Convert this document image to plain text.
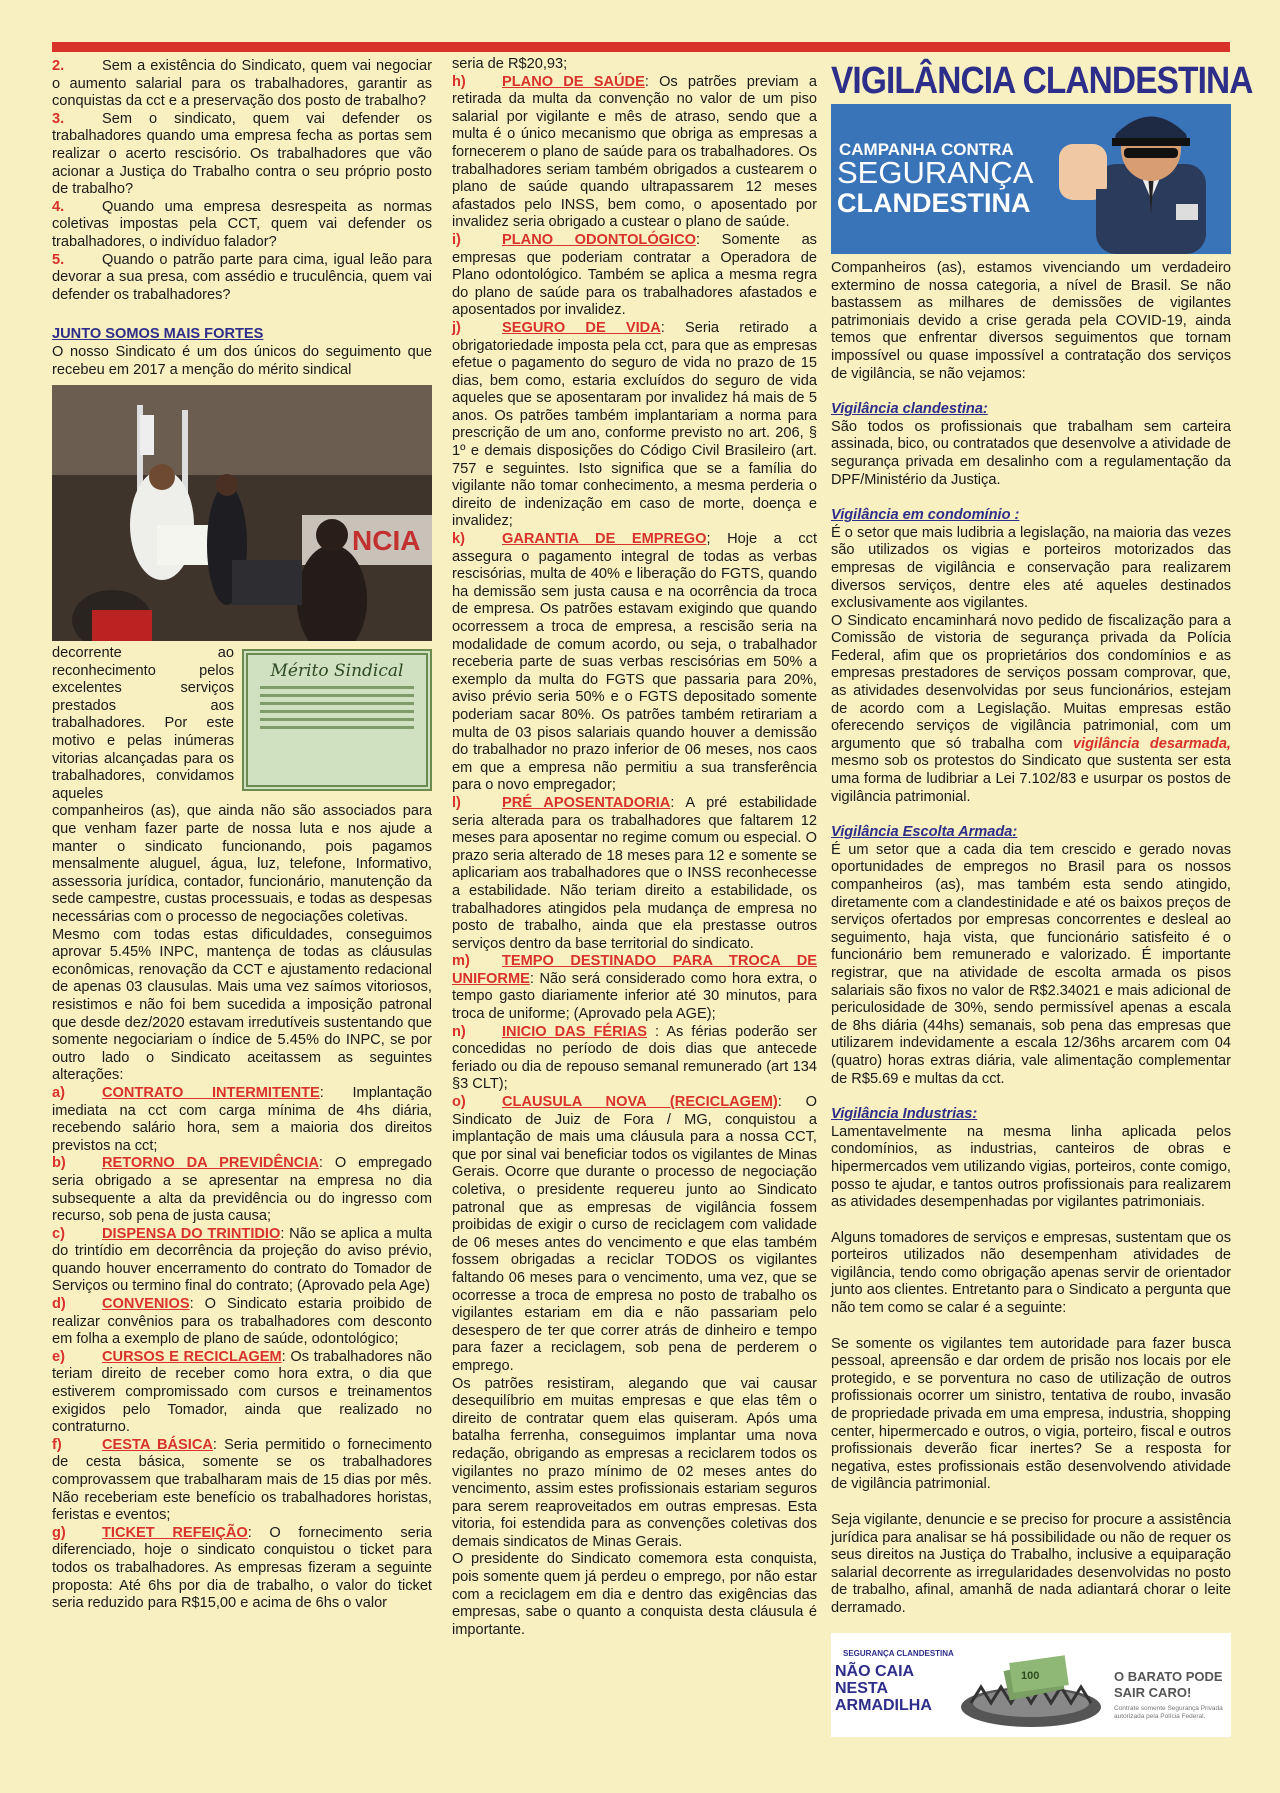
2.	Sem a existência do Sindicato, quem vai negociar o aumento salarial para os trabalhadores, garantir as conquistas da cct e a preservação dos posto de trabalho?

3.	Sem o sindicato, quem vai defender os trabalhadores quando uma empresa fecha as portas sem realizar o acerto rescisório. Os trabalhadores que vão acionar a Justiça do Trabalho contra o seu próprio posto de trabalho?

4.	Quando uma empresa desrespeita as normas coletivas impostas pela CCT, quem vai defender os trabalhadores, o indivíduo falador?

5.	Quando o patrão parte para cima, igual leão para devorar a sua presa, com assédio e truculência, quem vai defender os trabalhadores?

JUNTO SOMOS MAIS FORTES

O nosso Sindicato é um dos únicos do seguimento que recebeu em 2017 a menção do mérito sindical

NCIA
Mérito Sindical

decorrente ao reconhecimento pelos excelentes serviços prestados aos trabalhadores. Por este motivo e pelas inúmeras vitorias alcançadas para os trabalhadores, convidamos aqueles

companheiros (as), que ainda não são associados para que venham fazer parte de nossa luta e nos ajude a manter o sindicato funcionando, pois pagamos mensalmente aluguel, água, luz, telefone, Informativo, assessoria jurídica, contador, funcionário, manutenção da sede campestre, custas processuais, e todas as despesas necessárias com o processo de negociações coletivas.

Mesmo com todas estas dificuldades, conseguimos aprovar 5.45% INPC, mantença de todas as cláusulas econômicas, renovação da CCT e ajustamento redacional de apenas 03 clausulas. Mais uma vez saímos vitoriosos, resistimos e não foi bem sucedida a imposição patronal que desde dez/2020 estavam irredutíveis sustentando que somente negociariam o índice de 5.45% do INPC, se por outro lado o Sindicato aceitassem as seguintes alterações:

a)	CONTRATO INTERMITENTE: Implantação imediata na cct com carga mínima de 4hs diária, recebendo salário hora, sem a maioria dos direitos previstos na cct;

b) RETORNO DA PREVIDÊNCIA: O empregado seria obrigado a se apresentar na empresa no dia subsequente a alta da previdência ou do ingresso com recurso, sob pena de justa causa;

c)	DISPENSA DO TRINTIDIO: Não se aplica a multa do trintídio em decorrência da projeção do aviso prévio, quando houver encerramento do contrato do Tomador de Serviços ou termino final do contrato; (Aprovado pela Age)

d) CONVENIOS: O Sindicato estaria proibido de realizar convênios para os trabalhadores com desconto em folha a exemplo de plano de saúde, odontológico;

e)	CURSOS E RECICLAGEM: Os trabalhadores não teriam direito de receber como hora extra, o dia que estiverem compromissado com cursos e treinamentos exigidos pelo Tomador, ainda que realizado no contraturno.

f)	CESTA BÁSICA: Seria permitido o fornecimento de cesta básica, somente se os trabalhadores comprovassem que trabalharam mais de 15 dias por mês. Não receberiam este benefício os trabalhadores horistas, feristas e eventos;

g) TICKET REFEIÇÃO: O fornecimento seria diferenciado, hoje o sindicato conquistou o ticket para todos os trabalhadores. As empresas fizeram a seguinte proposta: Até 6hs por dia de trabalho, o valor do ticket seria reduzido para R$15,00 e acima de 6hs o valor

seria de R$20,93;

h) PLANO DE SAÚDE: Os patrões previam a retirada da multa da convenção no valor de um piso salarial por vigilante e mês de atraso, sendo que a multa é o único mecanismo que obriga as empresas a fornecerem o plano de saúde para os trabalhadores. Os trabalhadores seriam também obrigados a custearem o plano de saúde quando ultrapassarem 12 meses afastados pelo INSS, bem como, o aposentado por invalidez seria obrigado a custear o plano de saúde.

i)	PLANO ODONTOLÓGICO: Somente as empresas que poderiam contratar a Operadora de Plano odontológico. Também se aplica a mesma regra do plano de saúde para os trabalhadores afastados e aposentados por invalidez.

j)	SEGURO DE VIDA: Seria retirado a obrigatoriedade imposta pela cct, para que as empresas efetue o pagamento do seguro de vida no prazo de 15 dias, bem como, estaria excluídos do seguro de vida aqueles que se aposentaram por invalidez há mais de 5 anos. Os patrões também implantariam a norma para prescrição de um ano, conforme previsto no art. 206, § 1º e demais disposições do Código Civil Brasileiro (art. 757 e seguintes. Isto significa que se a família do vigilante não tomar conhecimento, a mesma perderia o direito de indenização em caso de morte, doença e invalidez;

k)	GARANTIA DE EMPREGO; Hoje a cct assegura o pagamento integral de todas as verbas rescisórias, multa de 40% e liberação do FGTS, quando ha demissão sem justa causa e na ocorrência da troca de empresa. Os patrões estavam exigindo que quando ocorressem a troca de empresa, a rescisão seria na modalidade de comum acordo, ou seja, o trabalhador receberia parte de suas verbas rescisórias em 50% a exemplo da multa do FGTS que passaria para 20%, aviso prévio seria 50% e o FGTS depositado somente poderiam sacar 80%. Os patrões também retirariam a multa de 03 pisos salariais quando houver a demissão do trabalhador no prazo inferior de 06 meses, nos caos em que a empresa não permitiu a sua transferência para o novo empregador;

l)	PRÉ APOSENTADORIA: A pré estabilidade seria alterada para os trabalhadores que faltarem 12 meses para aposentar no regime comum ou especial. O prazo seria alterado de 18 meses para 12 e somente se aplicariam aos trabalhadores que o INSS reconhecesse a estabilidade. Não teriam direito a estabilidade, os trabalhadores atingidos pela mudança de empresa no posto de trabalho, ainda que ela prestasse outros serviços dentro da base territorial do sindicato.

m) TEMPO DESTINADO PARA TROCA DE UNIFORME: Não será considerado como hora extra, o tempo gasto diariamente inferior até 30 minutos, para troca de uniforme; (Aprovado pela AGE);

n) INICIO DAS FÉRIAS : As férias poderão ser concedidas no período de dois dias que antecede feriado ou dia de repouso semanal remunerado (art 134 §3 CLT);

o) CLAUSULA NOVA (RECICLAGEM): O Sindicato de Juiz de Fora / MG, conquistou a implantação de mais uma cláusula para a nossa CCT, que por sinal vai beneficiar todos os vigilantes de Minas Gerais. Ocorre que durante o processo de negociação coletiva, o presidente requereu junto ao Sindicato patronal que as empresas de vigilância fossem proibidas de exigir o curso de reciclagem com validade de 06 meses antes do vencimento e que elas também fossem obrigadas a reciclar TODOS os vigilantes faltando 06 meses para o vencimento, uma vez, que se ocorresse a troca de empresa no posto de trabalho os vigilantes estariam em dia e não passariam pelo desespero de ter que correr atrás de dinheiro e tempo para fazer a reciclagem, sob pena de perderem o emprego.

Os patrões resistiram, alegando que vai causar desequilíbrio em muitas empresas e que elas têm o direito de contratar quem elas quiseram. Após uma batalha ferrenha, conseguimos implantar uma nova redação, obrigando as empresas a reciclarem todos os vigilantes no prazo mínimo de 02 meses antes do vencimento, assim estes profissionais estariam seguros para serem reaproveitados em outras empresas. Esta vitoria, foi estendida para as convenções coletivas dos demais sindicatos de Minas Gerais.

O presidente do Sindicato comemora esta conquista, pois somente quem já perdeu o emprego, por não estar com a reciclagem em dia e dentro das exigências das empresas, sabe o quanto a conquista desta cláusula é importante.

VIGILÂNCIA CLANDESTINA
CAMPANHA CONTRA
SEGURANÇA
CLANDESTINA

Companheiros (as), estamos vivenciando um verdadeiro extermino de nossa categoria, a nível de Brasil. Se não bastassem as milhares de demissões de vigilantes patrimoniais devido a crise gerada pela COVID-19, ainda temos que enfrentar diversos seguimentos que tornam impossível ou quase impossível a contratação dos serviços de vigilância, se não vejamos:

Vigilância clandestina:

São todos os profissionais que trabalham sem carteira assinada, bico, ou contratados que desenvolve a atividade de segurança privada em desalinho com a regulamentação da DPF/Ministério da Justiça.

Vigilância em condomínio :

É o setor que mais ludibria a legislação, na maioria das vezes são utilizados os vigias e porteiros motorizados das empresas de vigilância e conservação para realizarem diversos serviços, dentre eles até aqueles destinados exclusivamente aos vigilantes.

O Sindicato encaminhará novo pedido de fiscalização para a Comissão de vistoria de segurança privada da Polícia Federal, afim que os proprietários dos condomínios e as empresas prestadores de serviços possam comprovar, que, as atividades desenvolvidas por seus funcionários, estejam de acordo com a Legislação. Muitas empresas estão oferecendo serviços de vigilância patrimonial, com um argumento que só trabalha com vigilância desarmada, mesmo sob os protestos do Sindicato que sustenta ser esta uma forma de ludibriar a Lei 7.102/83 e usurpar os postos de vigilância patrimonial.

Vigilância Escolta Armada:

É um setor que a cada dia tem crescido e gerado novas oportunidades de empregos no Brasil para os nossos companheiros (as), mas também esta sendo atingido, diretamente com a clandestinidade e até os baixos preços de serviços ofertados por empresas concorrentes e desleal ao seguimento, haja vista, que funcionário satisfeito é o funcionário bem remunerado e valorizado. É importante registrar, que na atividade de escolta armada os pisos salariais são fixos no valor de R$2.34021 e mais adicional de periculosidade de 30%, sendo permissível apenas a escala de 8hs diária (44hs) semanais, sob pena das empresas que utilizarem indevidamente a escala 12/36hs arcarem com 04 (quatro) horas extras diária, vale alimentação complementar de R$5.69 e multas da cct.

Vigilância Industrias:

Lamentavelmente na mesma linha aplicada pelos condomínios, as industrias, canteiros de obras e hipermercados vem utilizando vigias, porteiros, conte comigo, posso te ajudar, e tantos outros profissionais para realizarem as atividades desempenhadas por vigilantes patrimoniais.

Alguns tomadores de serviços e empresas, sustentam que os porteiros utilizados não desempenham atividades de vigilância, tendo como obrigação apenas servir de orientador junto aos clientes. Entretanto para o Sindicato a pergunta que não tem como se calar é a seguinte:

Se somente os vigilantes tem autoridade para fazer busca pessoal, apreensão e dar ordem de prisão nos locais por ele protegido, e se porventura no caso de utilização de outros profissionais ocorrer um sinistro, tentativa de roubo, invasão de propriedade privada em uma empresa, industria, shopping center, hipermercado e outros, o vigia, porteiro, fiscal e outros profissionais deverão ficar inertes? Se a resposta for negativa, estes profissionais estão desenvolvendo atividade de vigilância patrimonial.

Seja vigilante, denuncie e se preciso for procure a assistência jurídica para analisar se há possibilidade ou não de requer os seus direitos na Justiça do Trabalho, inclusive a equiparação salarial decorrente as irregularidades desenvolvidas no posto de trabalho, afinal, amanhã de nada adiantará chorar o leite derramado.

SEGURANÇA CLANDESTINA
NÃO CAIA NESTA ARMADILHA
100	O BARATO PODE SAIR CARO!
Contrate somente Segurança Privada autorizada pela Polícia Federal.
